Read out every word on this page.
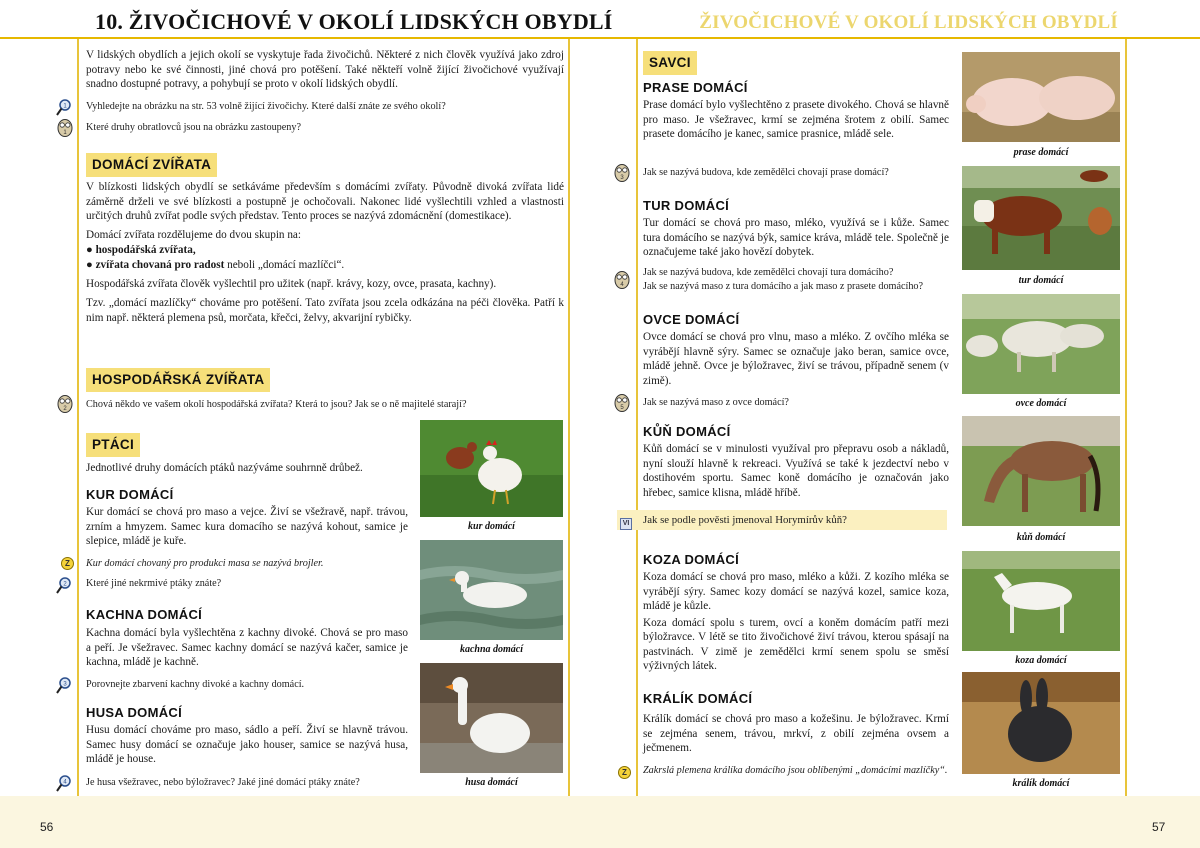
10. ŽIVOČICHOVÉ V OKOLÍ LIDSKÝCH OBYDLÍ	ŽIVOČICHOVÉ V OKOLÍ LIDSKÝCH OBYDLÍ

V lidských obydlích a jejich okolí se vyskytuje řada živočichů. Některé z nich člověk využívá jako zdroj potravy nebo ke své činnosti, jiné chová pro potěšení. Také někteří volně žijící živočichové využívají snadno dostupné potravy, a pohybují se proto v okolí lidských obydlí.

1 Vyhledejte na obrázku na str. 53 volně žijící živočichy. Které další znáte ze svého okolí?
1 Které druhy obratlovců jsou na obrázku zastoupeny?
DOMÁCÍ ZVÍŘATA

V blízkosti lidských obydlí se setkáváme především s domácími zvířaty. Původně divoká zvířata lidé záměrně drželi ve své blízkosti a postupně je ochočovali. Nakonec lidé vyšlechtili vzhled a vlastnosti určitých druhů zvířat podle svých představ. Tento proces se nazývá zdomácnění (domestikace).

Domácí zvířata rozdělujeme do dvou skupin na:

● hospodářská zvířata,
● zvířata chovaná pro radost neboli „domácí mazlíčci“.

Hospodářská zvířata člověk vyšlechtil pro užitek (např. krávy, kozy, ovce, prasata, kachny).

Tzv. „domácí mazlíčky“ chováme pro potěšení. Tato zvířata jsou zcela odkázána na péči člověka. Patří k nim např. některá plemena psů, morčata, křečci, želvy, akvarijní rybičky.

HOSPODÁŘSKÁ ZVÍŘATA
2 Chová někdo ve vašem okolí hospodářská zvířata? Která to jsou? Jak se o ně majitelé starají?
PTÁCI

Jednotlivé druhy domácích ptáků nazýváme souhrnně drůbež.

KUR DOMÁCÍ

Kur domácí se chová pro maso a vejce. Živí se všežravě, např. trávou, zrním a hmyzem. Samec kura domacího se nazývá kohout, samice je slepice, mládě je kuře.

Z	Kur domácí chovaný pro produkci masa se nazývá brojler.
2 Které jiné nekrmivé ptáky znáte?
KACHNA DOMÁCÍ

Kachna domácí byla vyšlechtěna z kachny divoké. Chová se pro maso a peří. Je všežravec. Samec kachny domácí se nazývá kačer, samice je kachna, mládě je kachně.

3 Porovnejte zbarvení kachny divoké a kachny domácí.
HUSA DOMÁCÍ

Husu domácí chováme pro maso, sádlo a peří. Živí se hlavně trávou. Samec husy domácí se označuje jako houser, samice se nazývá husa, mládě je house.

4 Je husa všežravec, nebo býložravec? Jaké jiné domácí ptáky znáte?
kur domácí
kachna domácí
husa domácí
SAVCI
PRASE DOMÁCÍ

Prase domácí bylo vyšlechtěno z prasete divokého. Chová se hlavně pro maso. Je všežravec, krmí se zejména šrotem z obilí. Samec prasete domácího je kanec, samice prasnice, mládě sele.

3 Jak se nazývá budova, kde zemědělci chovají prase domácí?
TUR DOMÁCÍ

Tur domácí se chová pro maso, mléko, využívá se i kůže. Samec tura domácího se nazývá býk, samice kráva, mládě tele. Společně je označujeme také jako hovězí dobytek.

4
Jak se nazývá budova, kde zemědělci chovají tura domácího?
Jak se nazývá maso z tura domácího a jak maso z prasete domácího?
OVCE DOMÁCÍ

Ovce domácí se chová pro vlnu, maso a mléko. Z ovčího mléka se vyrábějí hlavně sýry. Samec se označuje jako beran, samice ovce, mládě jehně. Ovce je býložravec, živí se trávou, případně senem (v zimě).

5 Jak se nazývá maso z ovce domácí?
KŮŇ DOMÁCÍ

Kůň domácí se v minulosti využíval pro přepravu osob a nákladů, nyní slouží hlavně k rekreaci. Využívá se také k jezdectví nebo v dostihovém sportu. Samec koně domácího je označován jako hřebec, samice klisna, mládě hříbě.

VI Jak se podle pověsti jmenoval Horymírův kůň?
KOZA DOMÁCÍ

Koza domácí se chová pro maso, mléko a kůži. Z kozího mléka se vyrábějí sýry. Samec kozy domácí se nazývá kozel, samice koza, mládě je kůzle.

Koza domácí spolu s turem, ovcí a koněm domácím patří mezi býložravce. V létě se tito živočichové živí trávou, kterou spásají na pastvinách. V zimě je zemědělci krmí senem spolu se směsí výživných látek.

KRÁLÍK DOMÁCÍ

Králík domácí se chová pro maso a kožešinu. Je býložravec. Krmí se zejména senem, trávou, mrkví, z obilí zejména ovsem a ječmenem.

Z	Zakrslá plemena králíka domácího jsou oblíbenými „domácími mazlíčky“.
prase domácí
tur domácí
ovce domácí
kůň domácí
koza domácí
králík domácí
56	57
